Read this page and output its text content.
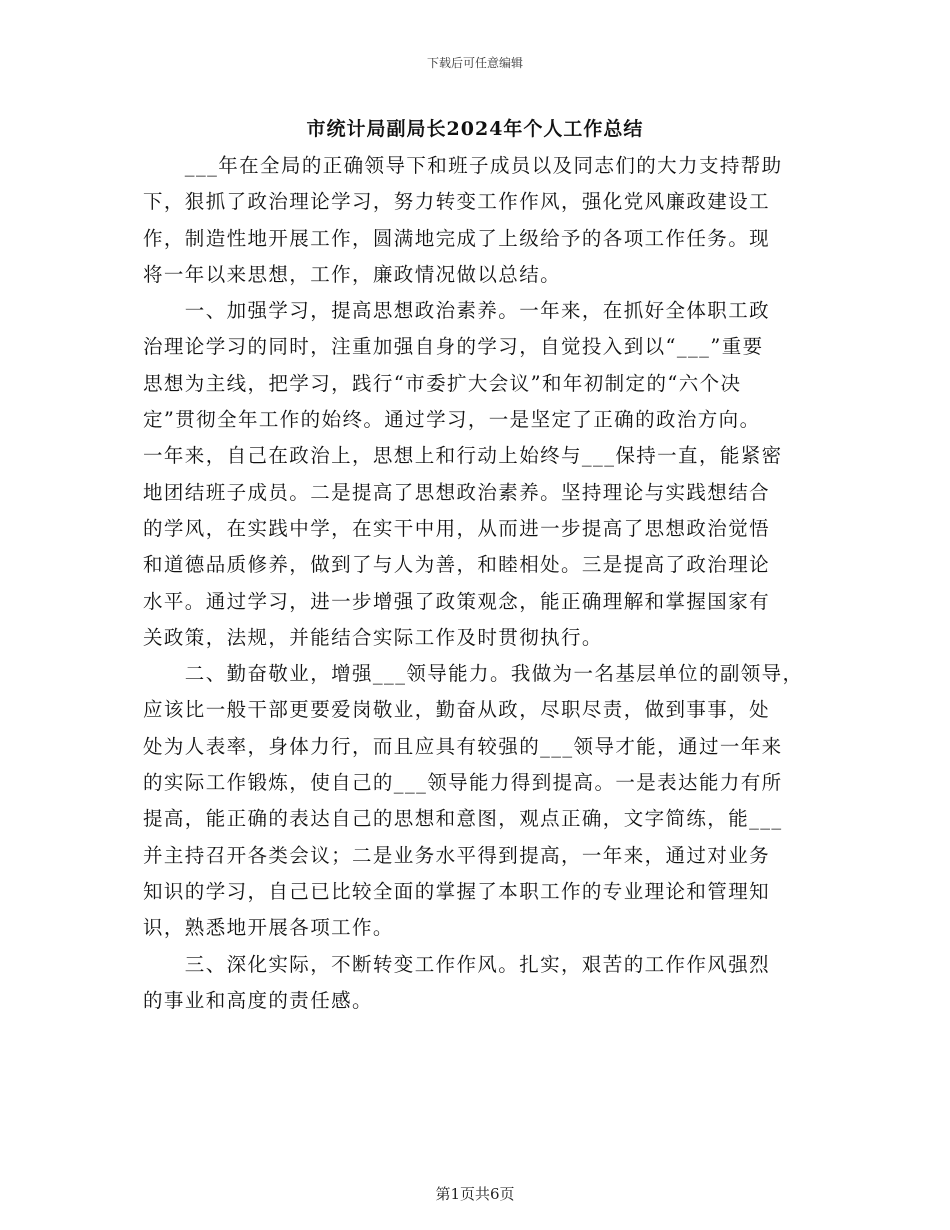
下载后可任意编辑
市统计局副局长2024年个人工作总结
　　___年在全局的正确领导下和班子成员以及同志们的大力支持帮助
下，狠抓了政治理论学习，努力转变工作作风，强化党风廉政建设工
作，制造性地开展工作，圆满地完成了上级给予的各项工作任务。现
将一年以来思想，工作，廉政情况做以总结。
　　一、加强学习，提高思想政治素养。一年来，在抓好全体职工政
治理论学习的同时，注重加强自身的学习，自觉投入到以“___”重要
思想为主线，把学习，践行“市委扩大会议”和年初制定的“六个决
定”贯彻全年工作的始终。通过学习，一是坚定了正确的政治方向。
一年来，自己在政治上，思想上和行动上始终与___保持一直，能紧密
地团结班子成员。二是提高了思想政治素养。坚持理论与实践想结合
的学风，在实践中学，在实干中用，从而进一步提高了思想政治觉悟
和道德品质修养，做到了与人为善，和睦相处。三是提高了政治理论
水平。通过学习，进一步增强了政策观念，能正确理解和掌握国家有
关政策，法规，并能结合实际工作及时贯彻执行。
　　二、勤奋敬业，增强___领导能力。我做为一名基层单位的副领导，
应该比一般干部更要爱岗敬业，勤奋从政，尽职尽责，做到事事，处
处为人表率，身体力行，而且应具有较强的___领导才能，通过一年来
的实际工作锻炼，使自己的___领导能力得到提高。一是表达能力有所
提高，能正确的表达自己的思想和意图，观点正确，文字简练，能___
并主持召开各类会议；二是业务水平得到提高，一年来，通过对业务
知识的学习，自己已比较全面的掌握了本职工作的专业理论和管理知
识，熟悉地开展各项工作。
　　三、深化实际，不断转变工作作风。扎实，艰苦的工作作风强烈
的事业和高度的责任感。
第1页共6页
